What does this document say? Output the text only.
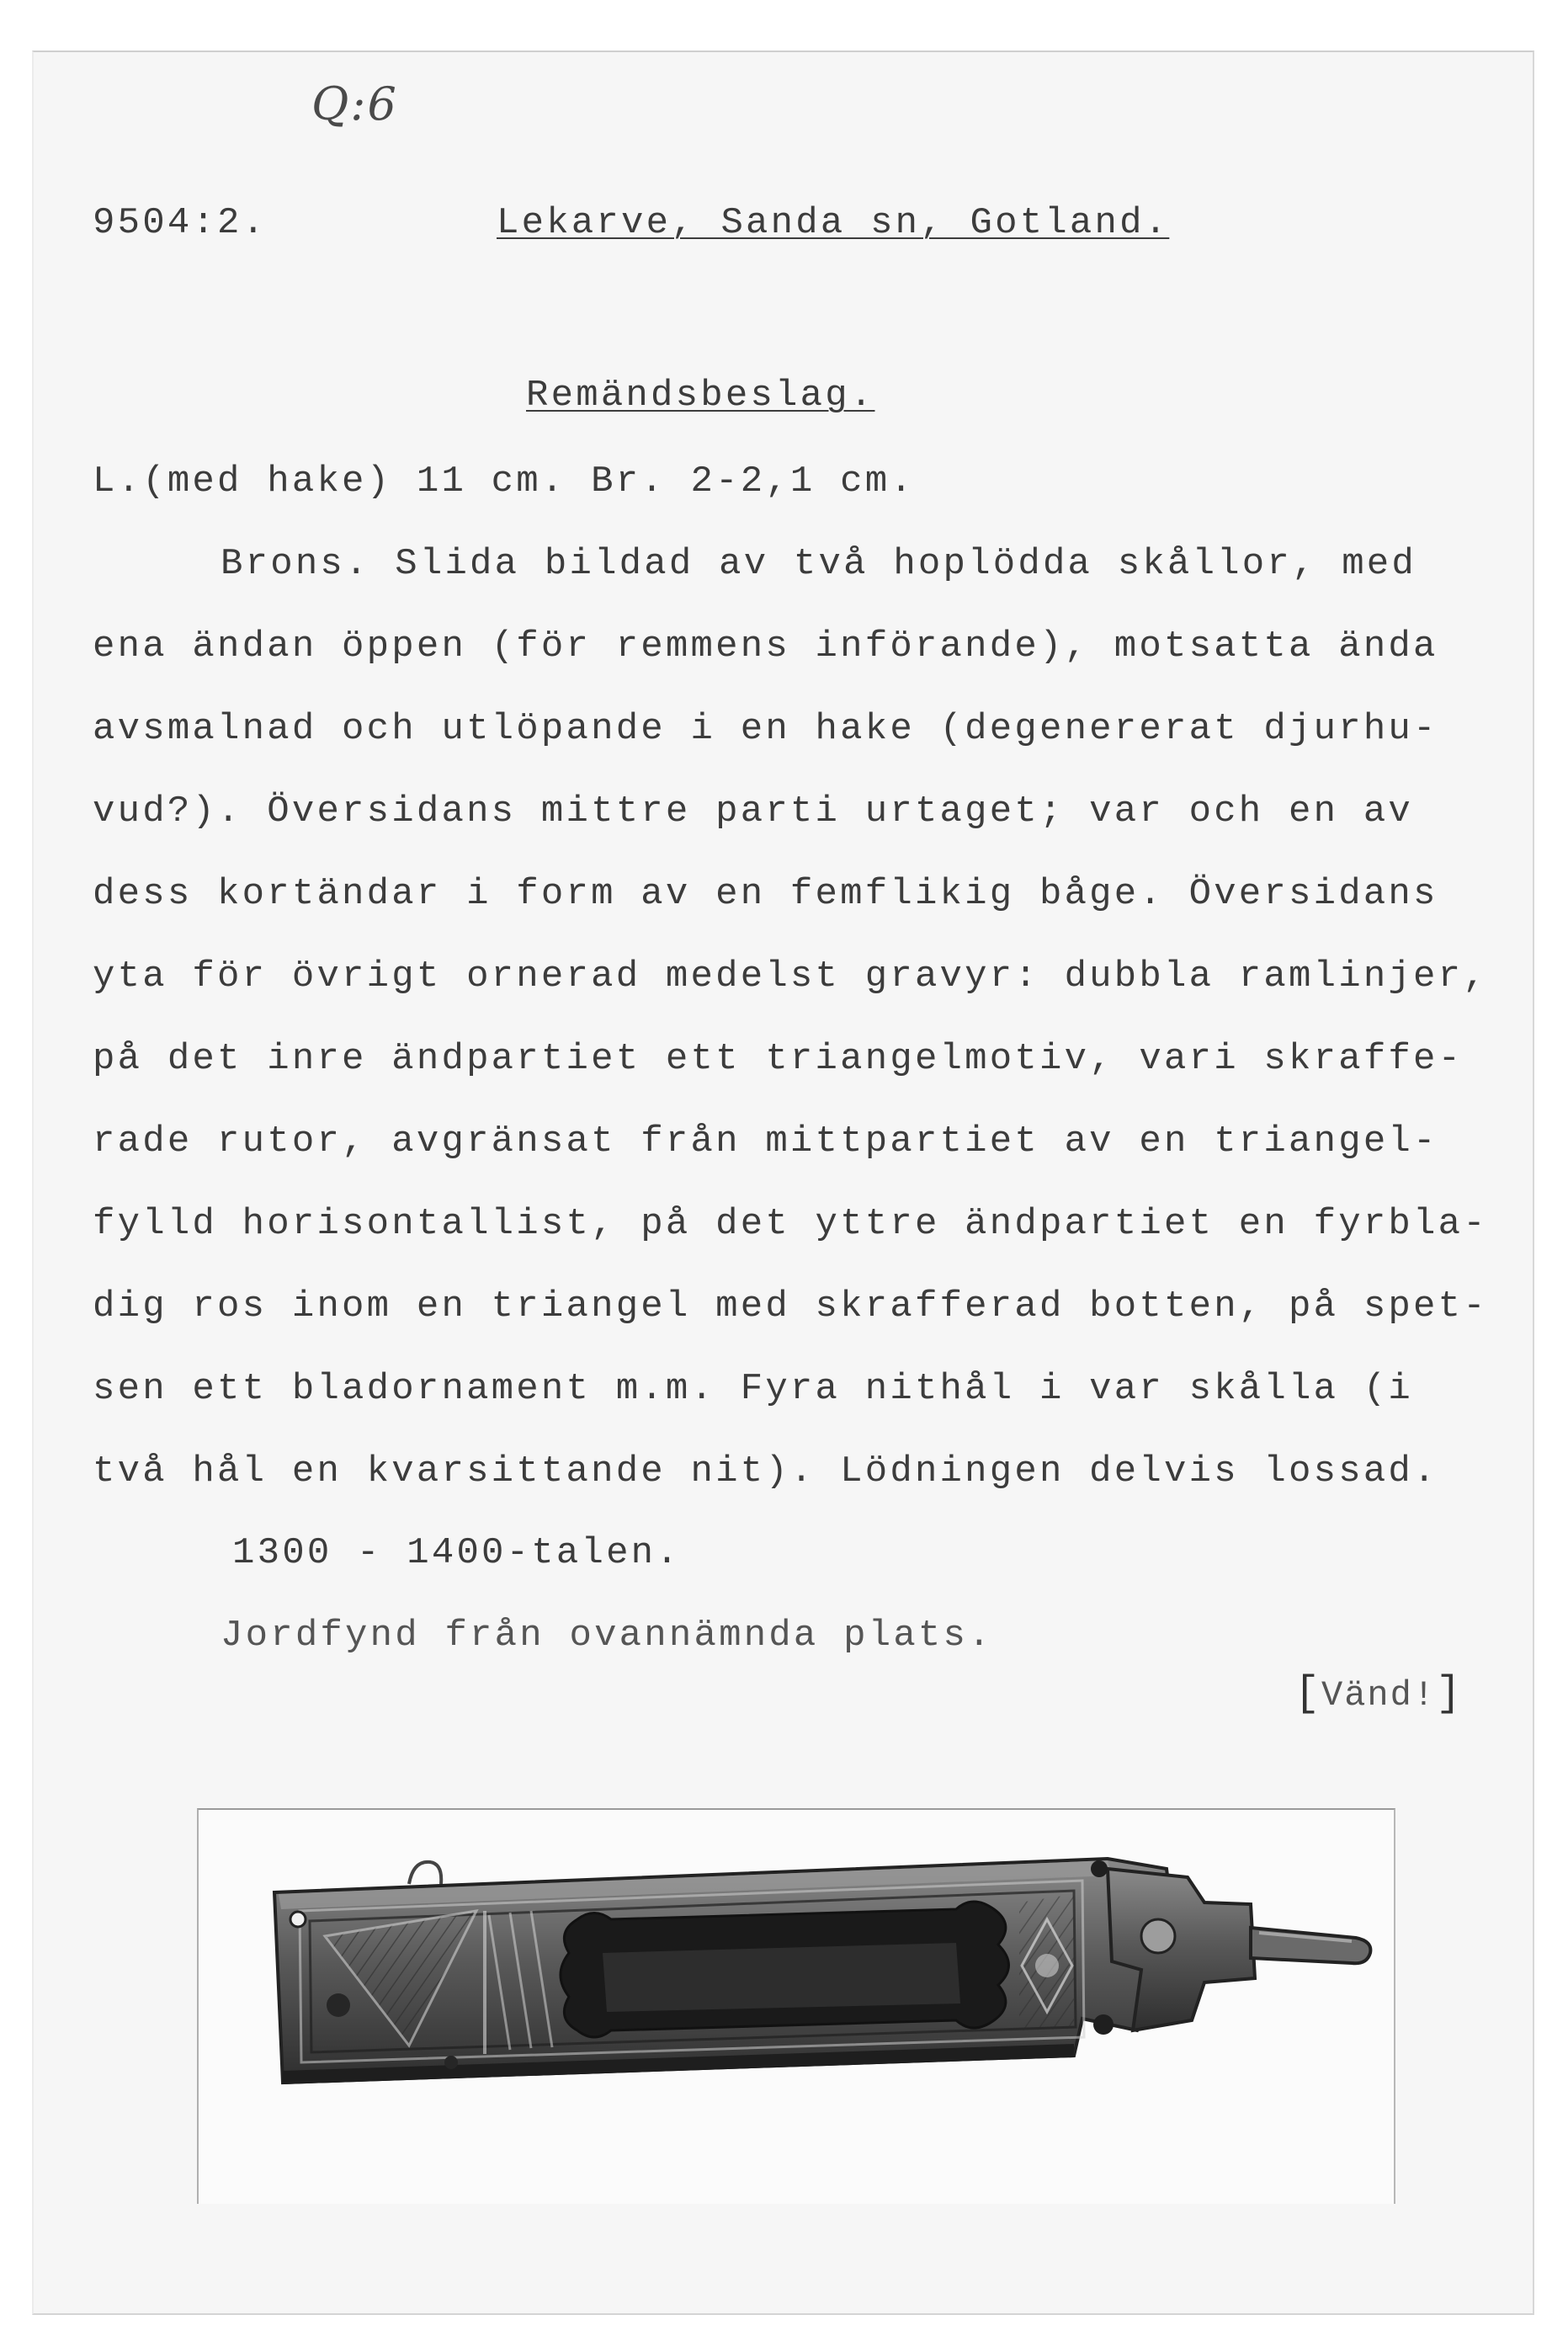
Q:6
9504:2.	Lekarve, Sanda sn, Gotland.
Remändsbeslag.
L.(med hake) 11 cm. Br. 2-2,1 cm.
Brons. Slida bildad av två hoplödda skållor, med
ena ändan öppen (för remmens införande), motsatta ända
avsmalnad och utlöpande i en hake (degenererat djurhu-
vud?). Översidans mittre parti urtaget; var och en av
dess kortändar i form av en femflikig båge. Översidans
yta för övrigt ornerad medelst gravyr: dubbla ramlinjer,
på det inre ändpartiet ett triangelmotiv, vari skraffe-
rade rutor, avgränsat från mittpartiet av en triangel-
fylld horisontallist, på det yttre ändpartiet en fyrbla-
dig ros inom en triangel med skrafferad botten, på spet-
sen ett bladornament m.m. Fyra nithål i var skålla (i
två hål en kvarsittande nit). Lödningen delvis lossad.
1300 - 1400-talen.
Jordfynd från ovannämnda plats.
[Vänd!]
